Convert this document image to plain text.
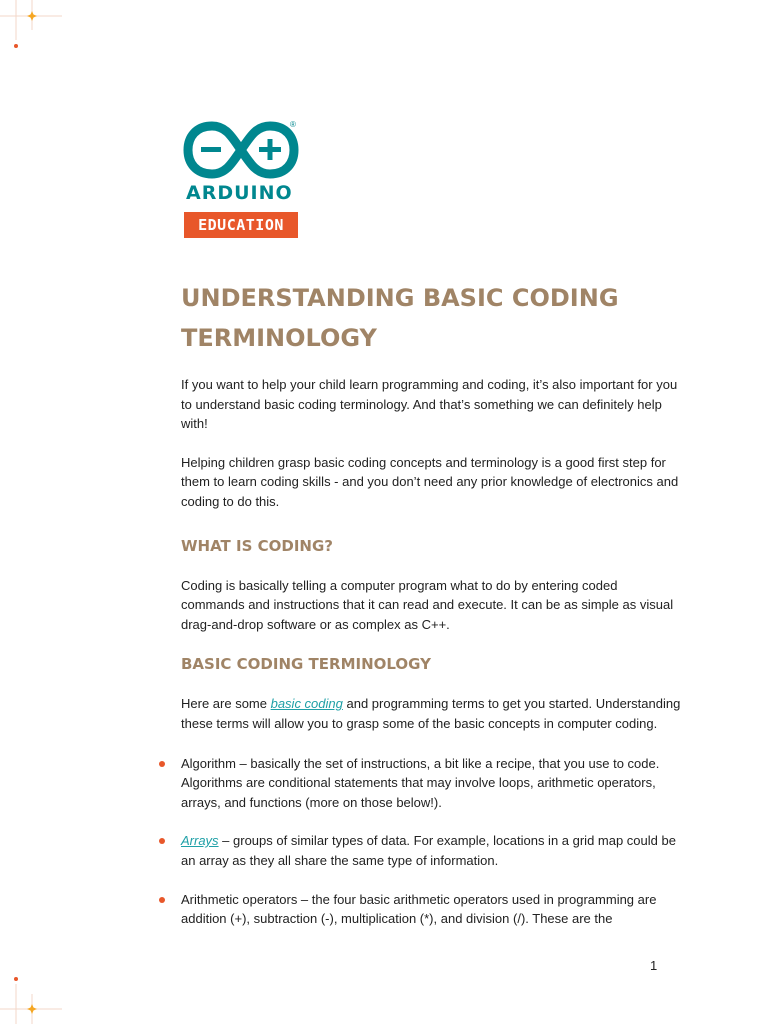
®
ARDUINO
EDUCATION
UNDERSTANDING BASIC CODING TERMINOLOGY

If you want to help your child learn programming and coding, it’s also important for you to understand basic coding terminology. And that’s something we can definitely help with!

Helping children grasp basic coding concepts and terminology is a good first step for them to learn coding skills - and you don’t need any prior knowledge of electronics and coding to do this.

WHAT IS CODING?

Coding is basically telling a computer program what to do by entering coded commands and instructions that it can read and execute. It can be as simple as visual drag-and-drop software or as complex as C++.

BASIC CODING TERMINOLOGY

Here are some basic coding and programming terms to get you started. Understanding these terms will allow you to grasp some of the basic concepts in computer coding.

Algorithm – basically the set of instructions, a bit like a recipe, that you use to code. Algorithms are conditional statements that may involve loops, arithmetic operators, arrays, and functions (more on those below!).
Arrays – groups of similar types of data. For example, locations in a grid map could be an array as they all share the same type of information.
Arithmetic operators – the four basic arithmetic operators used in programming are addition (+), subtraction (-), multiplication (*), and division (/). These are the
1
